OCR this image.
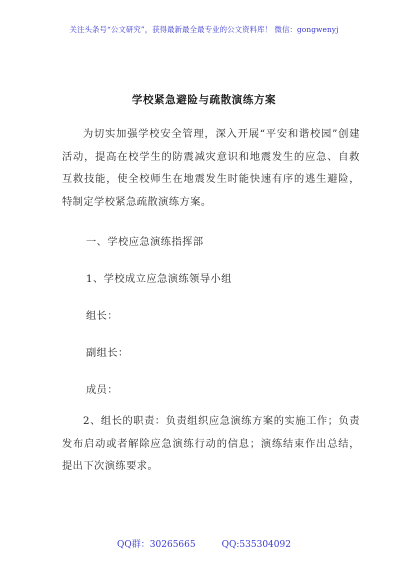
关注头条号“公文研究”，获得最新最全最专业的公文资料库！ 微信：gongwenyj
学校紧急避险与疏散演练方案
为切实加强学校安全管理，深入开展“平安和谐校园”创建活动，提高在校学生的防震减灾意识和地震发生的应急、自救互救技能，使全校师生在地震发生时能快速有序的逃生避险，特制定学校紧急疏散演练方案。
一、学校应急演练指挥部
1、学校成立应急演练领导小组
组长：
副组长：
成员：
2、组长的职责：负责组织应急演练方案的实施工作；负责发布启动或者解除应急演练行动的信息；演练结束作出总结，提出下次演练要求。
QQ群：30265665	QQ:535304092
